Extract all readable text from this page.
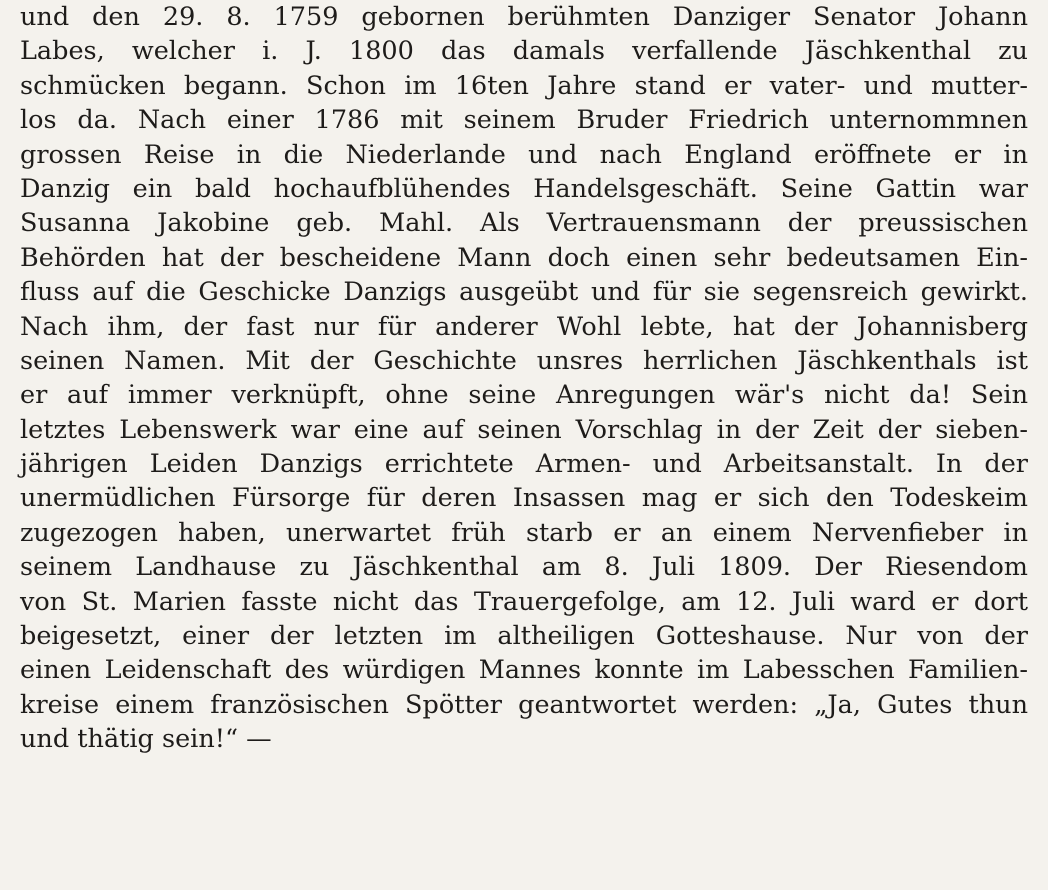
und den 29. 8. 1759 gebornen berühmten Danziger Senator Johann
Labes, welcher i. J. 1800 das damals verfallende Jäschkenthal zu
schmücken begann. Schon im 16ten Jahre stand er vater- und mutter-
los da. Nach einer 1786 mit seinem Bruder Friedrich unternommnen
grossen Reise in die Niederlande und nach England eröffnete er in
Danzig ein bald hochaufblühendes Handelsgeschäft. Seine Gattin war
Susanna Jakobine geb. Mahl. Als Vertrauensmann der preussischen
Behörden hat der bescheidene Mann doch einen sehr bedeutsamen Ein-
fluss auf die Geschicke Danzigs ausgeübt und für sie segensreich gewirkt.
Nach ihm, der fast nur für anderer Wohl lebte, hat der Johannisberg
seinen Namen. Mit der Geschichte unsres herrlichen Jäschkenthals ist
er auf immer verknüpft, ohne seine Anregungen wär's nicht da! Sein
letztes Lebenswerk war eine auf seinen Vorschlag in der Zeit der sieben-
jährigen Leiden Danzigs errichtete Armen- und Arbeitsanstalt. In der
unermüdlichen Fürsorge für deren Insassen mag er sich den Todeskeim
zugezogen haben, unerwartet früh starb er an einem Nervenfieber in
seinem Landhause zu Jäschkenthal am 8. Juli 1809. Der Riesendom
von St. Marien fasste nicht das Trauergefolge, am 12. Juli ward er dort
beigesetzt, einer der letzten im altheiligen Gotteshause. Nur von der
einen Leidenschaft des würdigen Mannes konnte im Labesschen Familien-
kreise einem französischen Spötter geantwortet werden: „Ja, Gutes thun
und thätig sein!“ —
